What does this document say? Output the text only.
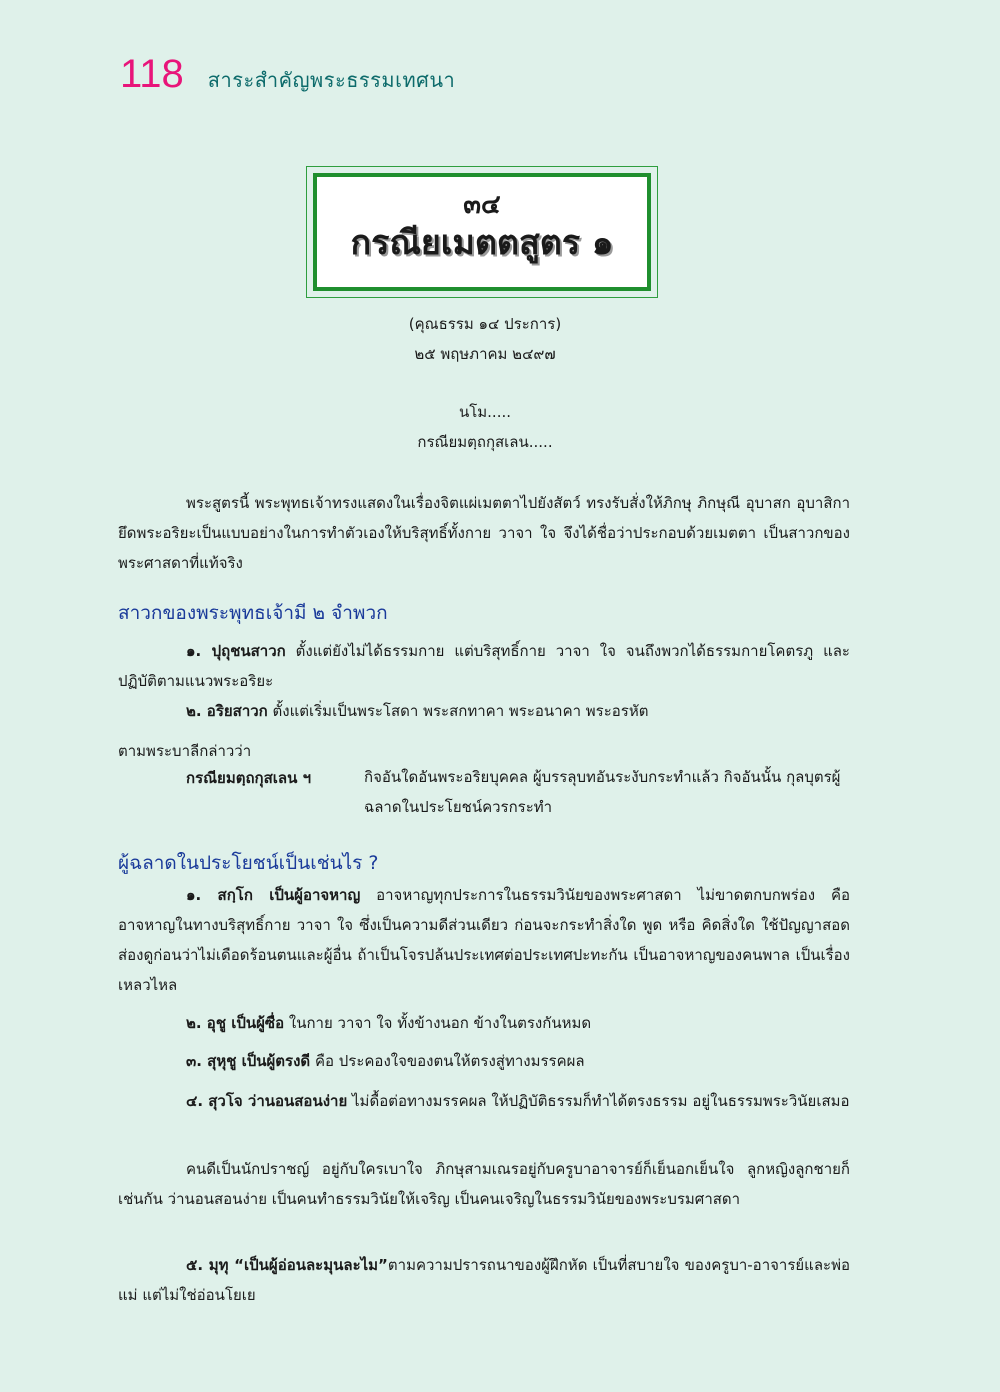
118 สาระสำคัญพระธรรมเทศนา
๓๔
กรณียเมตตสูตร ๑
(คุณธรรม ๑๔ ประการ)
๒๕ พฤษภาคม ๒๔๙๗
นโม.....
กรณียมตฺถกุสเลน.....
พระสูตรนี้ พระพุทธเจ้าทรงแสดงในเรื่องจิตแผ่เมตตาไปยังสัตว์ ทรงรับสั่งให้ภิกษุ ภิกษุณี อุบาสก อุบาสิกา ยึดพระอริยะเป็นแบบอย่างในการทำตัวเองให้บริสุทธิ์ทั้งกาย วาจา ใจ จึงได้ชื่อว่าประกอบด้วยเมตตา เป็นสาวกของพระศาสดาที่แท้จริง
สาวกของพระพุทธเจ้ามี ๒ จำพวก
๑. ปุถุชนสาวก ตั้งแต่ยังไม่ได้ธรรมกาย แต่บริสุทธิ์กาย วาจา ใจ จนถึงพวกได้ธรรมกายโคตรภู และปฏิบัติตามแนวพระอริยะ
๒. อริยสาวก ตั้งแต่เริ่มเป็นพระโสดา พระสกทาคา พระอนาคา พระอรหัต
ตามพระบาลีกล่าวว่า
กรณียมตฺถกุสเลน ฯ	กิจอันใดอันพระอริยบุคคล ผู้บรรลุบทอันระงับกระทำแล้ว กิจอันนั้น กุลบุตรผู้ฉลาดในประโยชน์ควรกระทำ
ผู้ฉลาดในประโยชน์เป็นเช่นไร ?
๑. สกฺโก เป็นผู้อาจหาญ อาจหาญทุกประการในธรรมวินัยของพระศาสดา ไม่ขาดตกบกพร่อง คือ อาจหาญในทางบริสุทธิ์กาย วาจา ใจ ซึ่งเป็นความดีส่วนเดียว ก่อนจะกระทำสิ่งใด พูด หรือ คิดสิ่งใด ใช้ปัญญาสอดส่องดูก่อนว่าไม่เดือดร้อนตนและผู้อื่น ถ้าเป็นโจรปล้นประเทศต่อประเทศปะทะกัน เป็นอาจหาญของคนพาล เป็นเรื่องเหลวไหล
๒. อุชู เป็นผู้ซื่อ ในกาย วาจา ใจ ทั้งข้างนอก ข้างในตรงกันหมด
๓. สุหุชู เป็นผู้ตรงดี คือ ประคองใจของตนให้ตรงสู่ทางมรรคผล
๔. สุวโจ ว่านอนสอนง่าย ไม่ดื้อต่อทางมรรคผล ให้ปฏิบัติธรรมก็ทำได้ตรงธรรม อยู่ในธรรมพระวินัยเสมอ
คนดีเป็นนักปราชญ์ อยู่กับใครเบาใจ ภิกษุสามเณรอยู่กับครูบาอาจารย์ก็เย็นอกเย็นใจ ลูกหญิงลูกชายก็เช่นกัน ว่านอนสอนง่าย เป็นคนทำธรรมวินัยให้เจริญ เป็นคนเจริญในธรรมวินัยของพระบรมศาสดา
๕. มุทุ “เป็นผู้อ่อนละมุนละไม”ตามความปรารถนาของผู้ฝึกหัด เป็นที่สบายใจ ของครูบา-อาจารย์และพ่อแม่ แต่ไม่ใช่อ่อนโยเย
